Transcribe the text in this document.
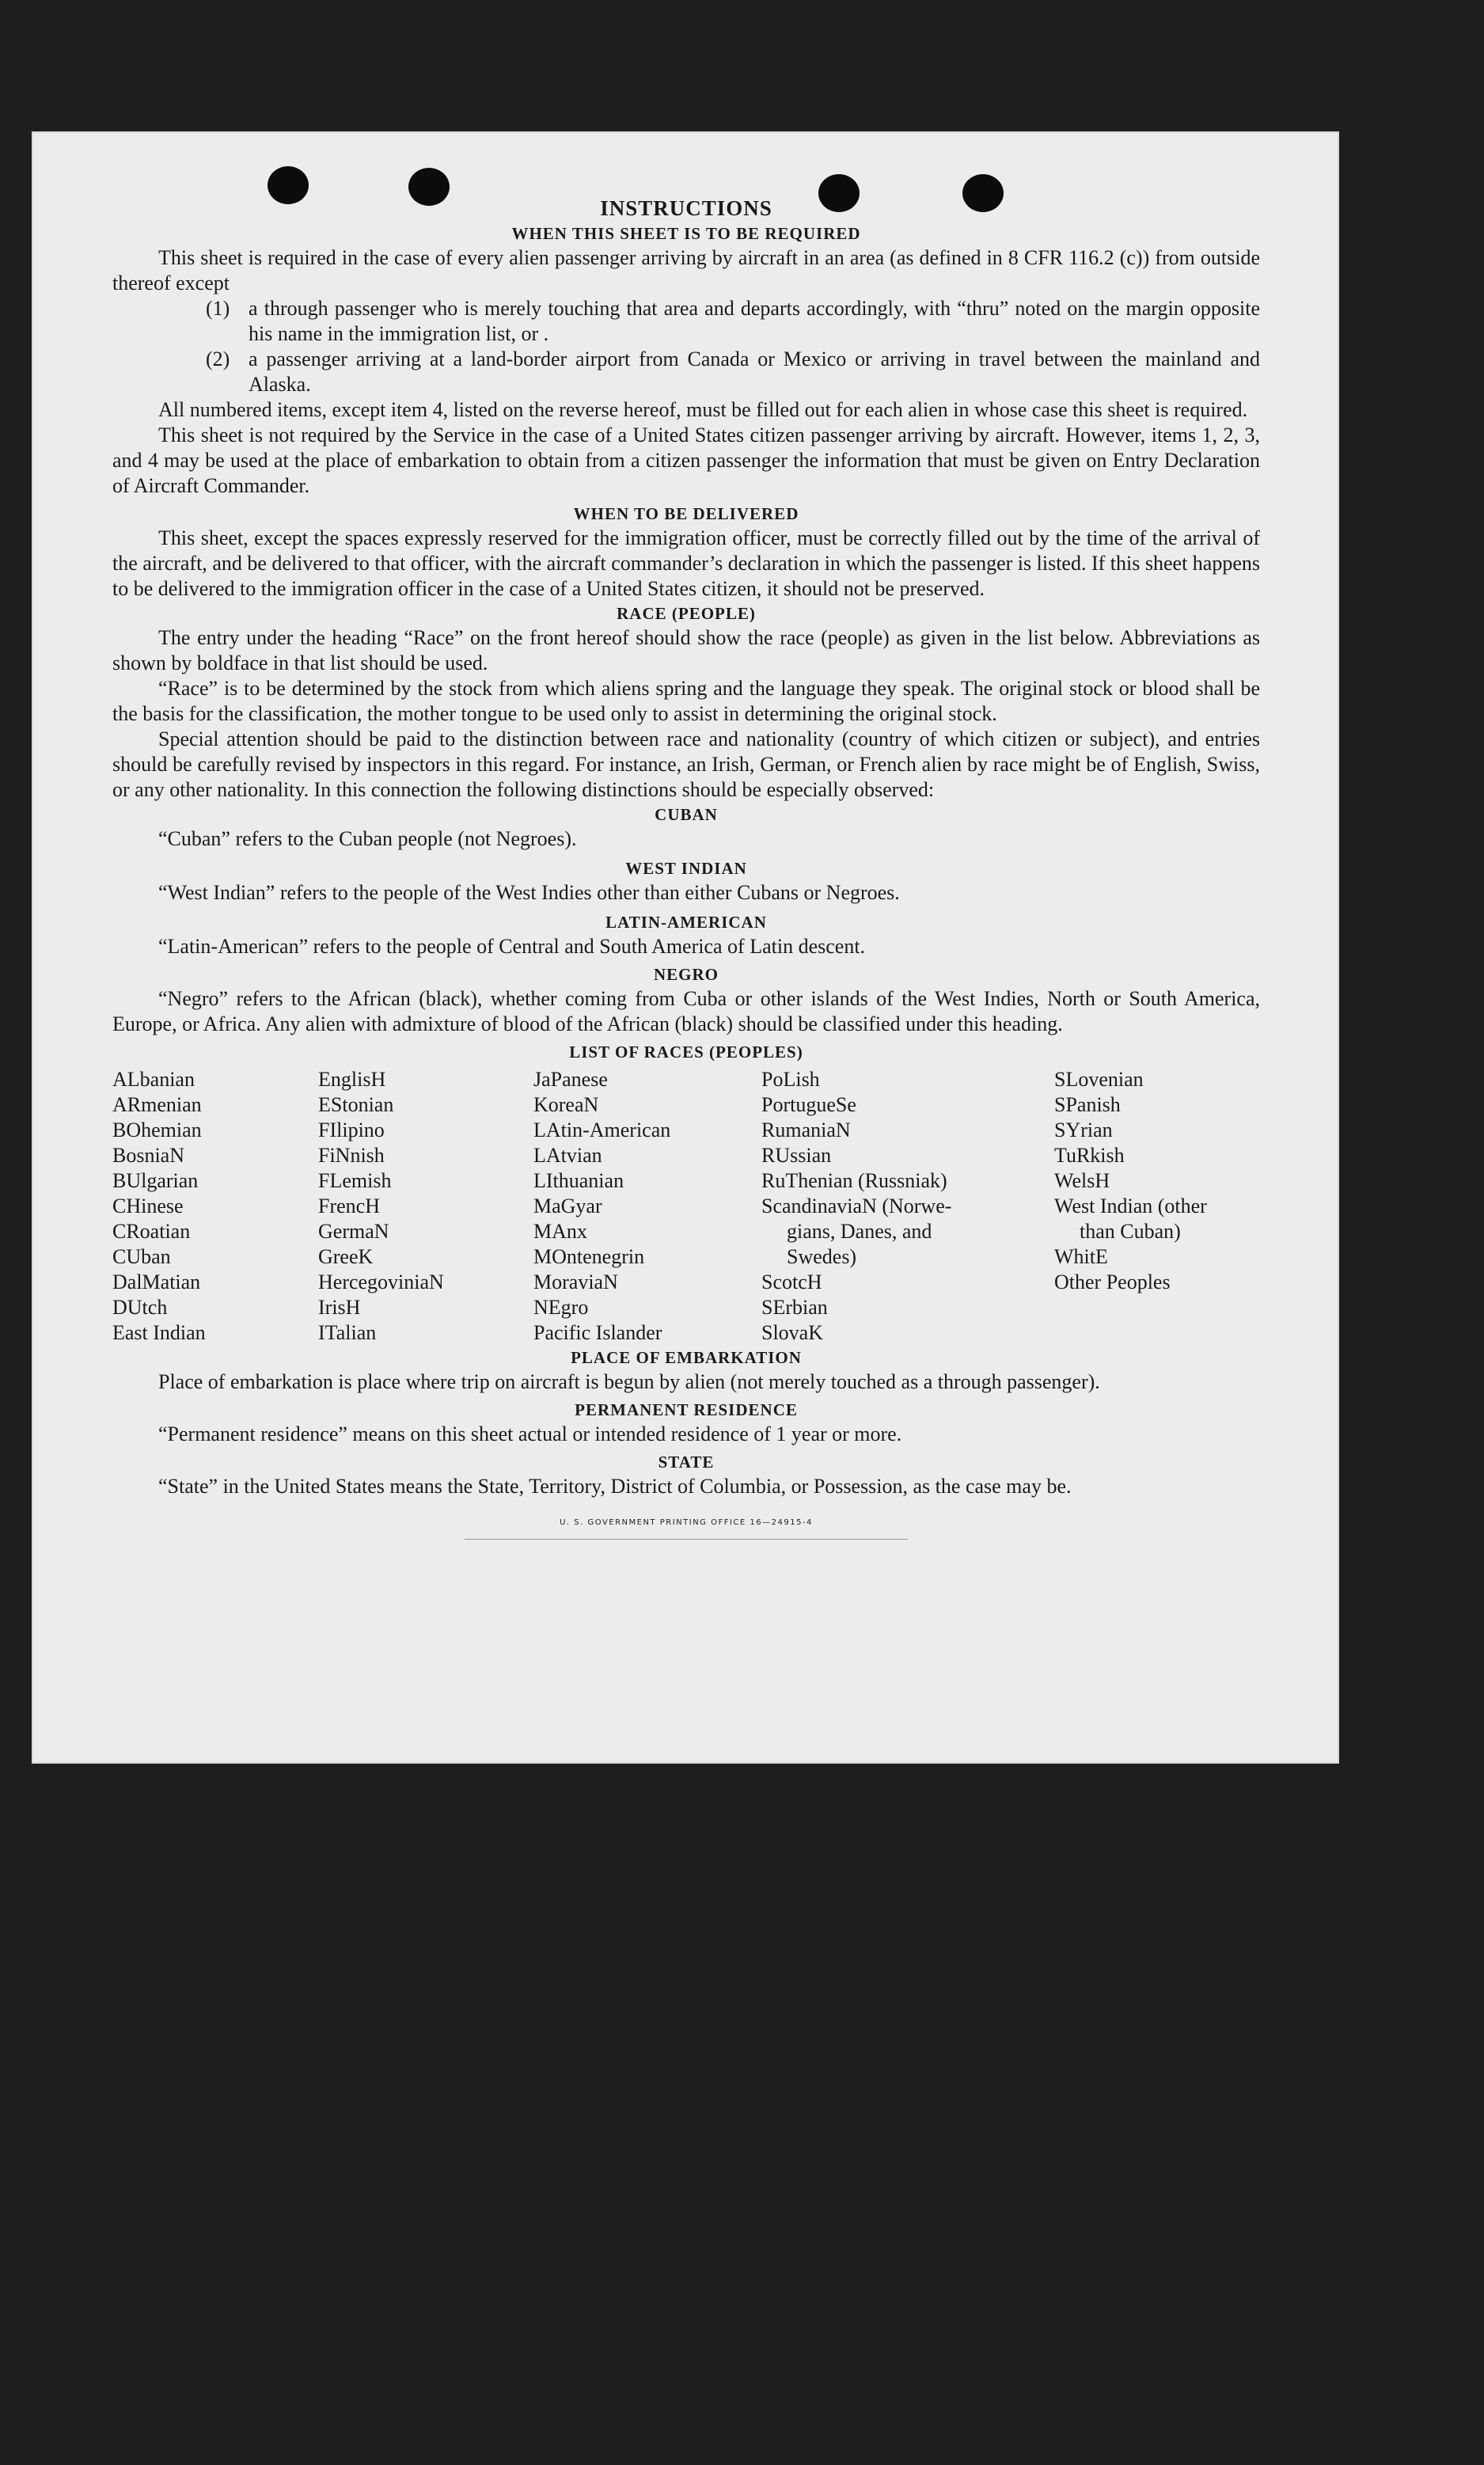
INSTRUCTIONS
WHEN THIS SHEET IS TO BE REQUIRED

This sheet is required in the case of every alien passenger arriving by aircraft in an area (as defined in 8 CFR 116.2 (c)) from outside thereof except

(1) a through passenger who is merely touching that area and departs accordingly, with “thru” noted on the margin opposite his name in the immigration list, or .

(2) a passenger arriving at a land-border airport from Canada or Mexico or arriving in travel between the mainland and Alaska.

All numbered items, except item 4, listed on the reverse hereof, must be filled out for each alien in whose case this sheet is required.

This sheet is not required by the Service in the case of a United States citizen passenger arriving by aircraft. However, items 1, 2, 3, and 4 may be used at the place of embarkation to obtain from a citizen passenger the information that must be given on Entry Declaration of Aircraft Commander.

WHEN TO BE DELIVERED

This sheet, except the spaces expressly reserved for the immigration officer, must be correctly filled out by the time of the arrival of the aircraft, and be delivered to that officer, with the aircraft commander’s declaration in which the passenger is listed. If this sheet happens to be delivered to the immigration officer in the case of a United States citizen, it should not be preserved.

RACE (PEOPLE)

The entry under the heading “Race” on the front hereof should show the race (people) as given in the list below. Abbreviations as shown by boldface in that list should be used.

“Race” is to be determined by the stock from which aliens spring and the language they speak. The original stock or blood shall be the basis for the classification, the mother tongue to be used only to assist in determining the original stock.

Special attention should be paid to the distinction between race and nationality (country of which citizen or subject), and entries should be carefully revised by inspectors in this regard. For instance, an Irish, German, or French alien by race might be of English, Swiss, or any other nationality. In this connection the following distinctions should be especially observed:

CUBAN

“Cuban” refers to the Cuban people (not Negroes).

WEST INDIAN

“West Indian” refers to the people of the West Indies other than either Cubans or Negroes.

LATIN-AMERICAN

“Latin-American” refers to the people of Central and South America of Latin descent.

NEGRO

“Negro” refers to the African (black), whether coming from Cuba or other islands of the West Indies, North or South America, Europe, or Africa. Any alien with admixture of blood of the African (black) should be classified under this heading.

LIST OF RACES (PEOPLES)
ALbanian
ARmenian
BOhemian
BosniaN
BUlgarian
CHinese
CRoatian
CUban
DalMatian
DUtch
East Indian
EnglisH
EStonian
FIlipino
FiNnish
FLemish
FrencH
GermaN
GreeK
HercegoviniaN
IrisH
ITalian
JaPanese
KoreaN
LAtin-American
LAtvian
LIthuanian
MaGyar
MAnx
MOntenegrin
MoraviaN
NEgro
Pacific Islander
PoLish
PortugueSe
RumaniaN
RUssian
RuThenian (Russniak)
ScandinaviaN (Norwe-
gians, Danes, and
Swedes)
ScotcH
SErbian
SlovaK
SLovenian
SPanish
SYrian
TuRkish
WelsH
West Indian (other
than Cuban)
WhitE
Other Peoples
PLACE OF EMBARKATION

Place of embarkation is place where trip on aircraft is begun by alien (not merely touched as a through passenger).

PERMANENT RESIDENCE

“Permanent residence” means on this sheet actual or intended residence of 1 year or more.

STATE

“State” in the United States means the State, Territory, District of Columbia, or Possession, as the case may be.

U. S. GOVERNMENT PRINTING OFFICE 16—24915-4
